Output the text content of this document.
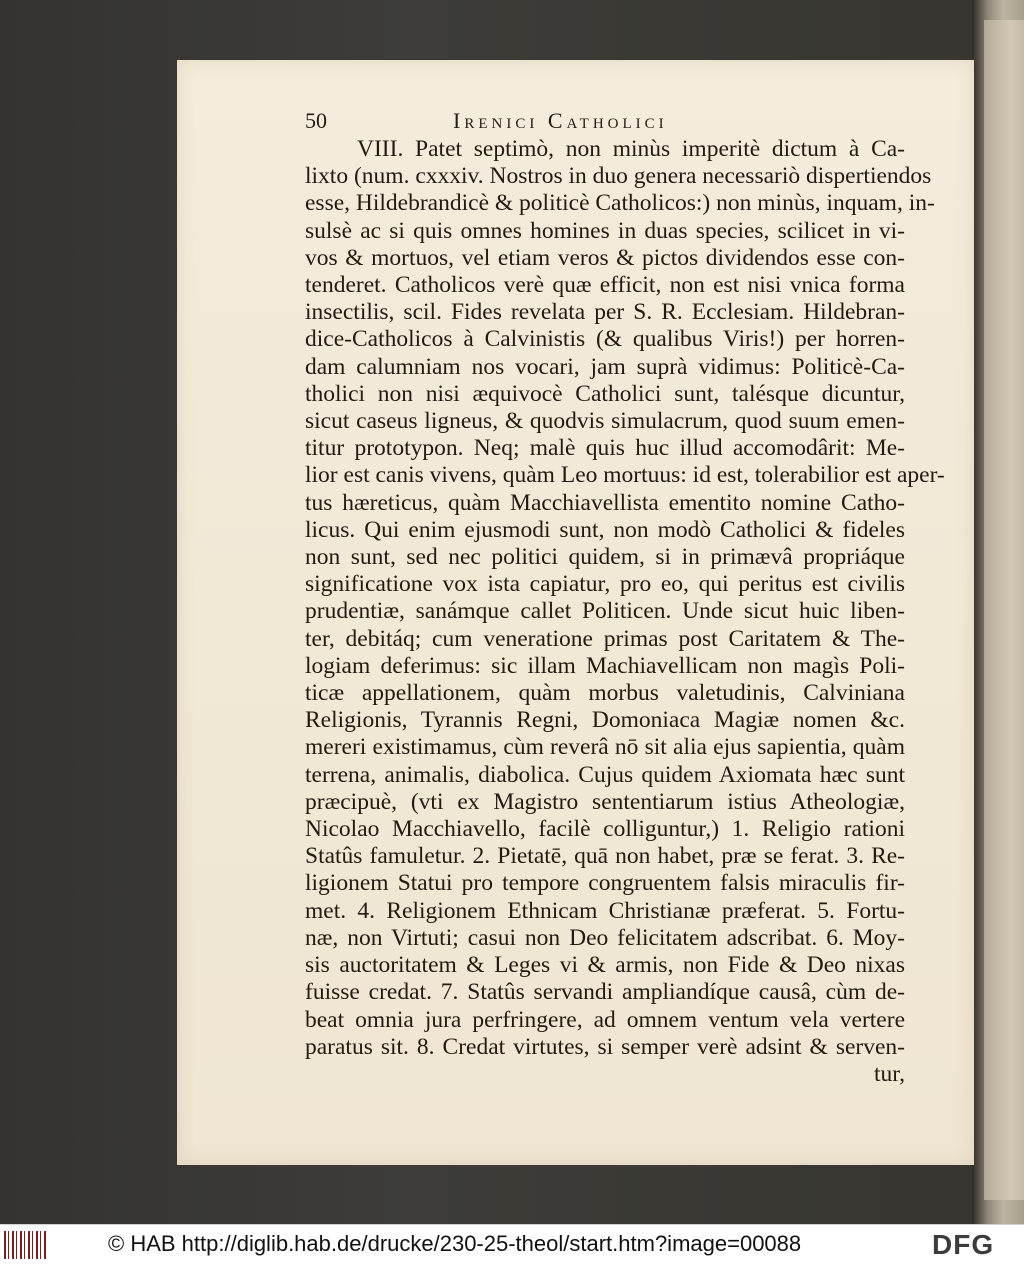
50	Irenici Catholici
VIII. Patet septimò, non minùs imperitè dictum à Ca-
lixto (num. cxxxiv. Nostros in duo genera necessariò dispertiendos
esse, Hildebrandicè & politicè Catholicos:) non minùs, inquam, in-
sulsè ac si quis omnes homines in duas species, scilicet in vi-
vos & mortuos, vel etiam veros & pictos dividendos esse con-
tenderet. Catholicos verè quæ efficit, non est nisi vnica forma
insectilis, scil. Fides revelata per S. R. Ecclesiam. Hildebran-
dice-Catholicos à Calvinistis (& qualibus Viris!) per horren-
dam calumniam nos vocari, jam suprà vidimus: Politicè-Ca-
tholici non nisi æquivocè Catholici sunt, talésque dicuntur,
sicut caseus ligneus, & quodvis simulacrum, quod suum emen-
titur prototypon. Neq; malè quis huc illud accomodârit: Me-
lior est canis vivens, quàm Leo mortuus: id est, tolerabilior est aper-
tus hæreticus, quàm Macchiavellista ementito nomine Catho-
licus. Qui enim ejusmodi sunt, non modò Catholici & fideles
non sunt, sed nec politici quidem, si in primævâ propriáque
significatione vox ista capiatur, pro eo, qui peritus est civilis
prudentiæ, sanámque callet Politicen. Unde sicut huic liben-
ter, debitáq; cum veneratione primas post Caritatem & The-
logiam deferimus: sic illam Machiavellicam non magìs Poli-
ticæ appellationem, quàm morbus valetudinis, Calviniana
Religionis, Tyrannis Regni, Domoniaca Magiæ nomen &c.
mereri existimamus, cùm reverâ nō sit alia ejus sapientia, quàm
terrena, animalis, diabolica. Cujus quidem Axiomata hæc sunt
præcipuè, (vti ex Magistro sententiarum istius Atheologiæ,
Nicolao Macchiavello, facilè colliguntur,) 1. Religio rationi
Statûs famuletur. 2. Pietatē, quā non habet, præ se ferat. 3. Re-
ligionem Statui pro tempore congruentem falsis miraculis fir-
met. 4. Religionem Ethnicam Christianæ præferat. 5. Fortu-
næ, non Virtuti; casui non Deo felicitatem adscribat. 6. Moy-
sis auctoritatem & Leges vi & armis, non Fide & Deo nixas
fuisse credat. 7. Statûs servandi ampliandíque causâ, cùm de-
beat omnia jura perfringere, ad omnem ventum vela vertere
paratus sit. 8. Credat virtutes, si semper verè adsint & serven-
tur,
© HAB http://diglib.hab.de/drucke/230-25-theol/start.htm?image=00088	DFG
